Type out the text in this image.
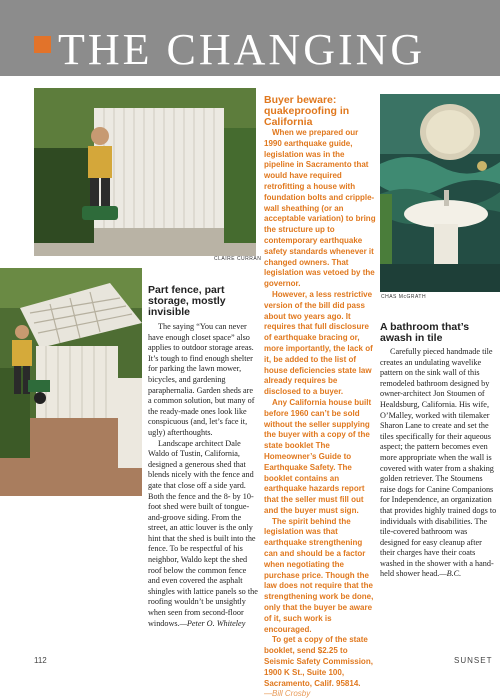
THE CHANGING
CLAIRE CURRAN
CHAS McGRATH
Part fence, part storage, mostly invisible
The saying “You can never have enough closet space” also applies to outdoor storage areas. It’s tough to find enough shelter for parking the lawn mower, bicycles, and gardening paraphernalia. Garden sheds are a common solution, but many of the ready-made ones look like conspicuous (and, let’s face it, ugly) afterthoughts.
Landscape architect Dale Waldo of Tustin, California, designed a generous shed that blends nicely with the fence and gate that close off a side yard. Both the fence and the 8- by 10-foot shed were built of tongue-and-groove siding. From the street, an attic louver is the only hint that the shed is built into the fence. To be respectful of his neighbor, Waldo kept the shed roof below the common fence and even covered the asphalt shingles with lattice panels so the roofing wouldn’t be unsightly when seen from second-floor windows.—Peter O. Whiteley
Buyer beware: quakeproofing in California
When we prepared our 1990 earthquake guide, legislation was in the pipeline in Sacramento that would have required retrofitting a house with foundation bolts and cripple-wall sheathing (or an acceptable variation) to bring the structure up to contemporary earthquake safety standards whenever it changed owners. That legislation was vetoed by the governor.
However, a less restrictive version of the bill did pass about two years ago. It requires that full disclosure of earthquake bracing or, more importantly, the lack of it, be added to the list of house deficiencies state law already requires be disclosed to a buyer.
Any California house built before 1960 can’t be sold without the seller supplying the buyer with a copy of the state booklet The Homeowner’s Guide to Earthquake Safety. The booklet contains an earthquake hazards report that the seller must fill out and the buyer must sign.
The spirit behind the legislation was that earthquake strengthening can and should be a factor when negotiating the purchase price. Though the law does not require that the strengthening work be done, only that the buyer be aware of it, such work is encouraged.
To get a copy of the state booklet, send $2.25 to Seismic Safety Commission, 1900 K St., Suite 100, Sacramento, Calif. 95814.
—Bill Crosby
A bathroom that’s awash in tile
Carefully pieced handmade tile creates an undulating wavelike pattern on the sink wall of this remodeled bathroom designed by owner-architect Jon Stoumen of Healdsburg, California. His wife, O’Malley, worked with tilemaker Sharon Lane to create and set the tiles specifically for their aqueous aspect; the pattern becomes even more appropriate when the wall is covered with water from a shaking golden retriever. The Stoumens raise dogs for Canine Companions for Independence, an organization that provides highly trained dogs to individuals with disabilities. The tile-covered bathroom was designed for easy cleanup after their charges have their coats washed in the shower with a hand-held shower head.—B.C.
112	SUNSET
